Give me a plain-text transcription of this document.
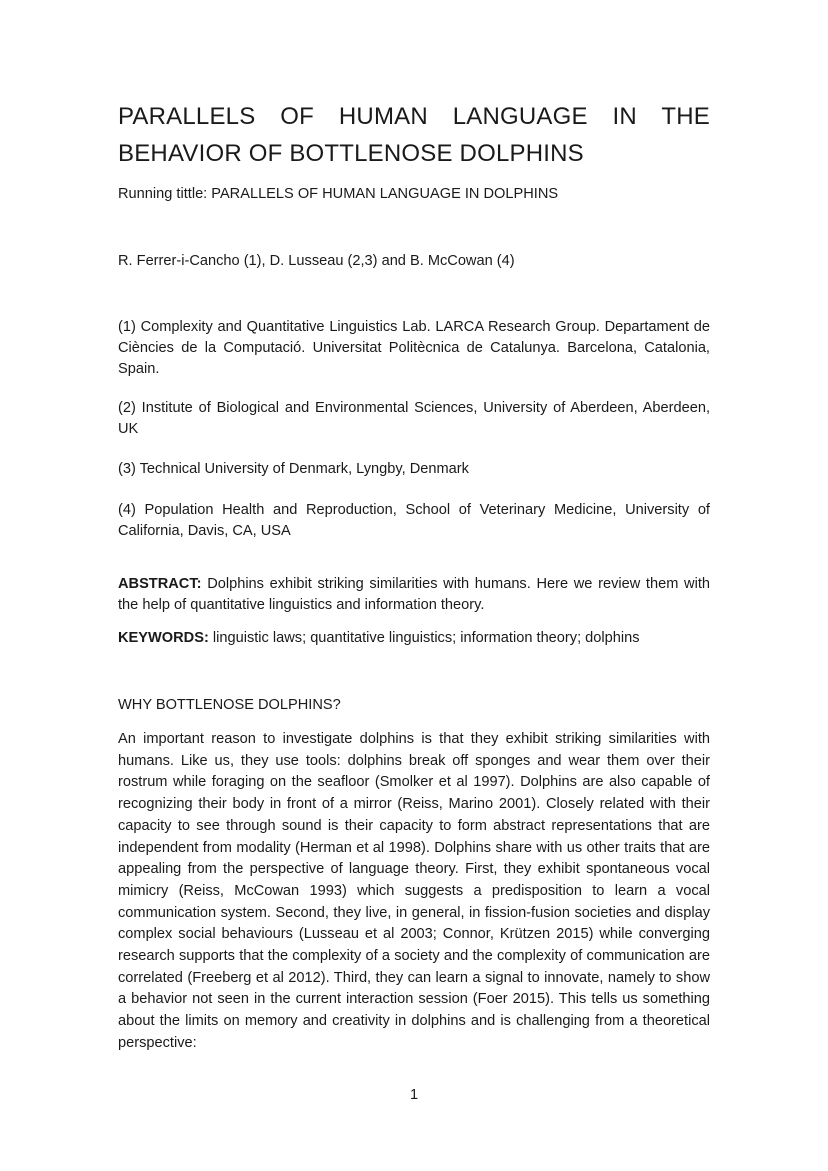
PARALLELS OF HUMAN LANGUAGE IN THE
BEHAVIOR OF BOTTLENOSE DOLPHINS

Running tittle: PARALLELS OF HUMAN LANGUAGE IN DOLPHINS

R. Ferrer-i-Cancho (1), D. Lusseau (2,3) and B. McCowan (4)

(1) Complexity and Quantitative Linguistics Lab. LARCA Research Group. Departament de Ciències de la Computació. Universitat Politècnica de Catalunya. Barcelona, Catalonia, Spain.

(2) Institute of Biological and Environmental Sciences, University of Aberdeen, Aberdeen, UK

(3) Technical University of Denmark, Lyngby, Denmark

(4) Population Health and Reproduction, School of Veterinary Medicine, University of California, Davis, CA, USA

ABSTRACT: Dolphins exhibit striking similarities with humans. Here we review them with the help of quantitative linguistics and information theory.

KEYWORDS: linguistic laws; quantitative linguistics; information theory; dolphins

WHY BOTTLENOSE DOLPHINS?

An important reason to investigate dolphins is that they exhibit striking similarities with humans. Like us, they use tools: dolphins break off sponges and wear them over their rostrum while foraging on the seafloor (Smolker et al 1997). Dolphins are also capable of recognizing their body in front of a mirror (Reiss, Marino 2001). Closely related with their capacity to see through sound is their capacity to form abstract representations that are independent from modality (Herman et al 1998). Dolphins share with us other traits that are appealing from the perspective of language theory. First, they exhibit spontaneous vocal mimicry (Reiss, McCowan 1993) which suggests a predisposition to learn a vocal communication system. Second, they live, in general, in fission-fusion societies and display complex social behaviours (Lusseau et al 2003; Connor, Krützen 2015) while converging research supports that the complexity of a society and the complexity of communication are correlated (Freeberg et al 2012). Third, they can learn a signal to innovate, namely to show a behavior not seen in the current interaction session (Foer 2015). This tells us something about the limits on memory and creativity in dolphins and is challenging from a theoretical perspective:

1
